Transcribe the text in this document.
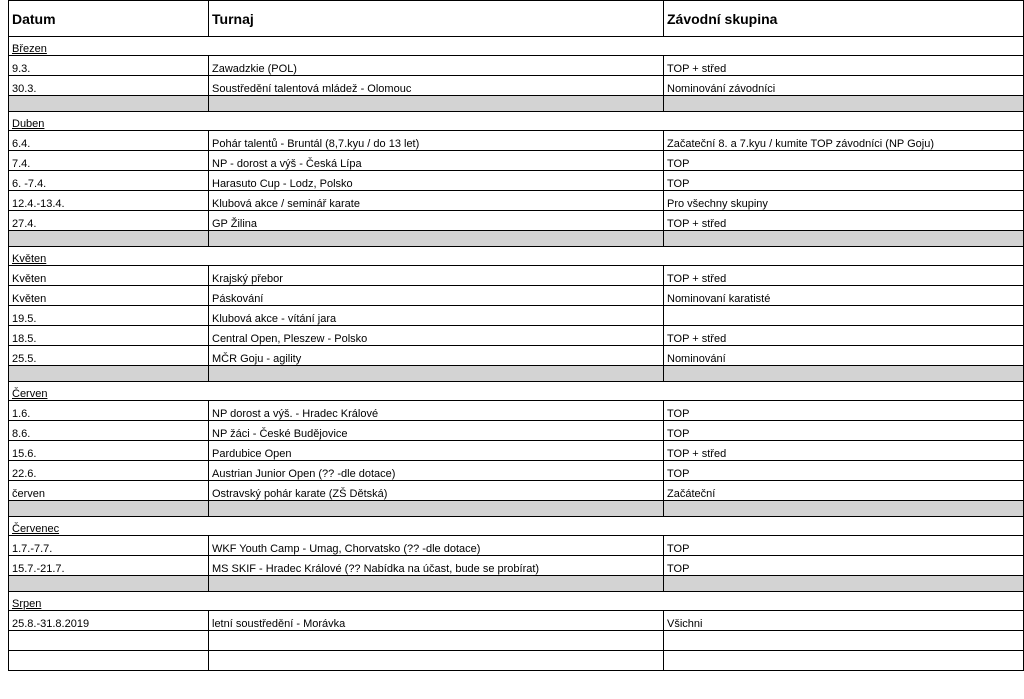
Datum	Turnaj	Závodní skupina
Březen		
9.3.	Zawadzkie (POL)	TOP + střed
30.3.	Soustředění talentová mládež - Olomouc	Nominování závodníci

Duben		
6.4.	Pohár talentů - Bruntál (8,7.kyu / do 13 let)	Začateční 8. a 7.kyu / kumite TOP závodníci (NP Goju)
7.4.	NP - dorost a výš - Česká Lípa	TOP
6. -7.4.	Harasuto Cup - Lodz, Polsko	TOP
12.4.-13.4.	Klubová akce / seminář karate	Pro všechny skupiny
27.4.	GP Žilina	TOP + střed

Květen		
Květen	Krajský přebor	TOP + střed
Květen	Páskování	Nominovaní karatisté
19.5.	Klubová akce - vítání jara	
18.5.	Central Open, Pleszew - Polsko	TOP + střed
25.5.	MČR Goju - agility	Nominování

Červen		
1.6.	NP dorost a výš. - Hradec Králové	TOP
8.6.	NP žáci - České Budějovice	TOP
15.6.	Pardubice Open	TOP + střed
22.6.	Austrian Junior Open (?? -dle dotace)	TOP
červen	Ostravský pohár karate (ZŠ Dětská)	Začáteční

Červenec		
1.7.-7.7.	WKF Youth Camp - Umag, Chorvatsko (?? -dle dotace)	TOP
15.7.-21.7.	MS SKIF - Hradec Králové (?? Nabídka na účast, bude se probírat)	TOP

Srpen		
25.8.-31.8.2019	letní soustředění - Morávka	Všichni
